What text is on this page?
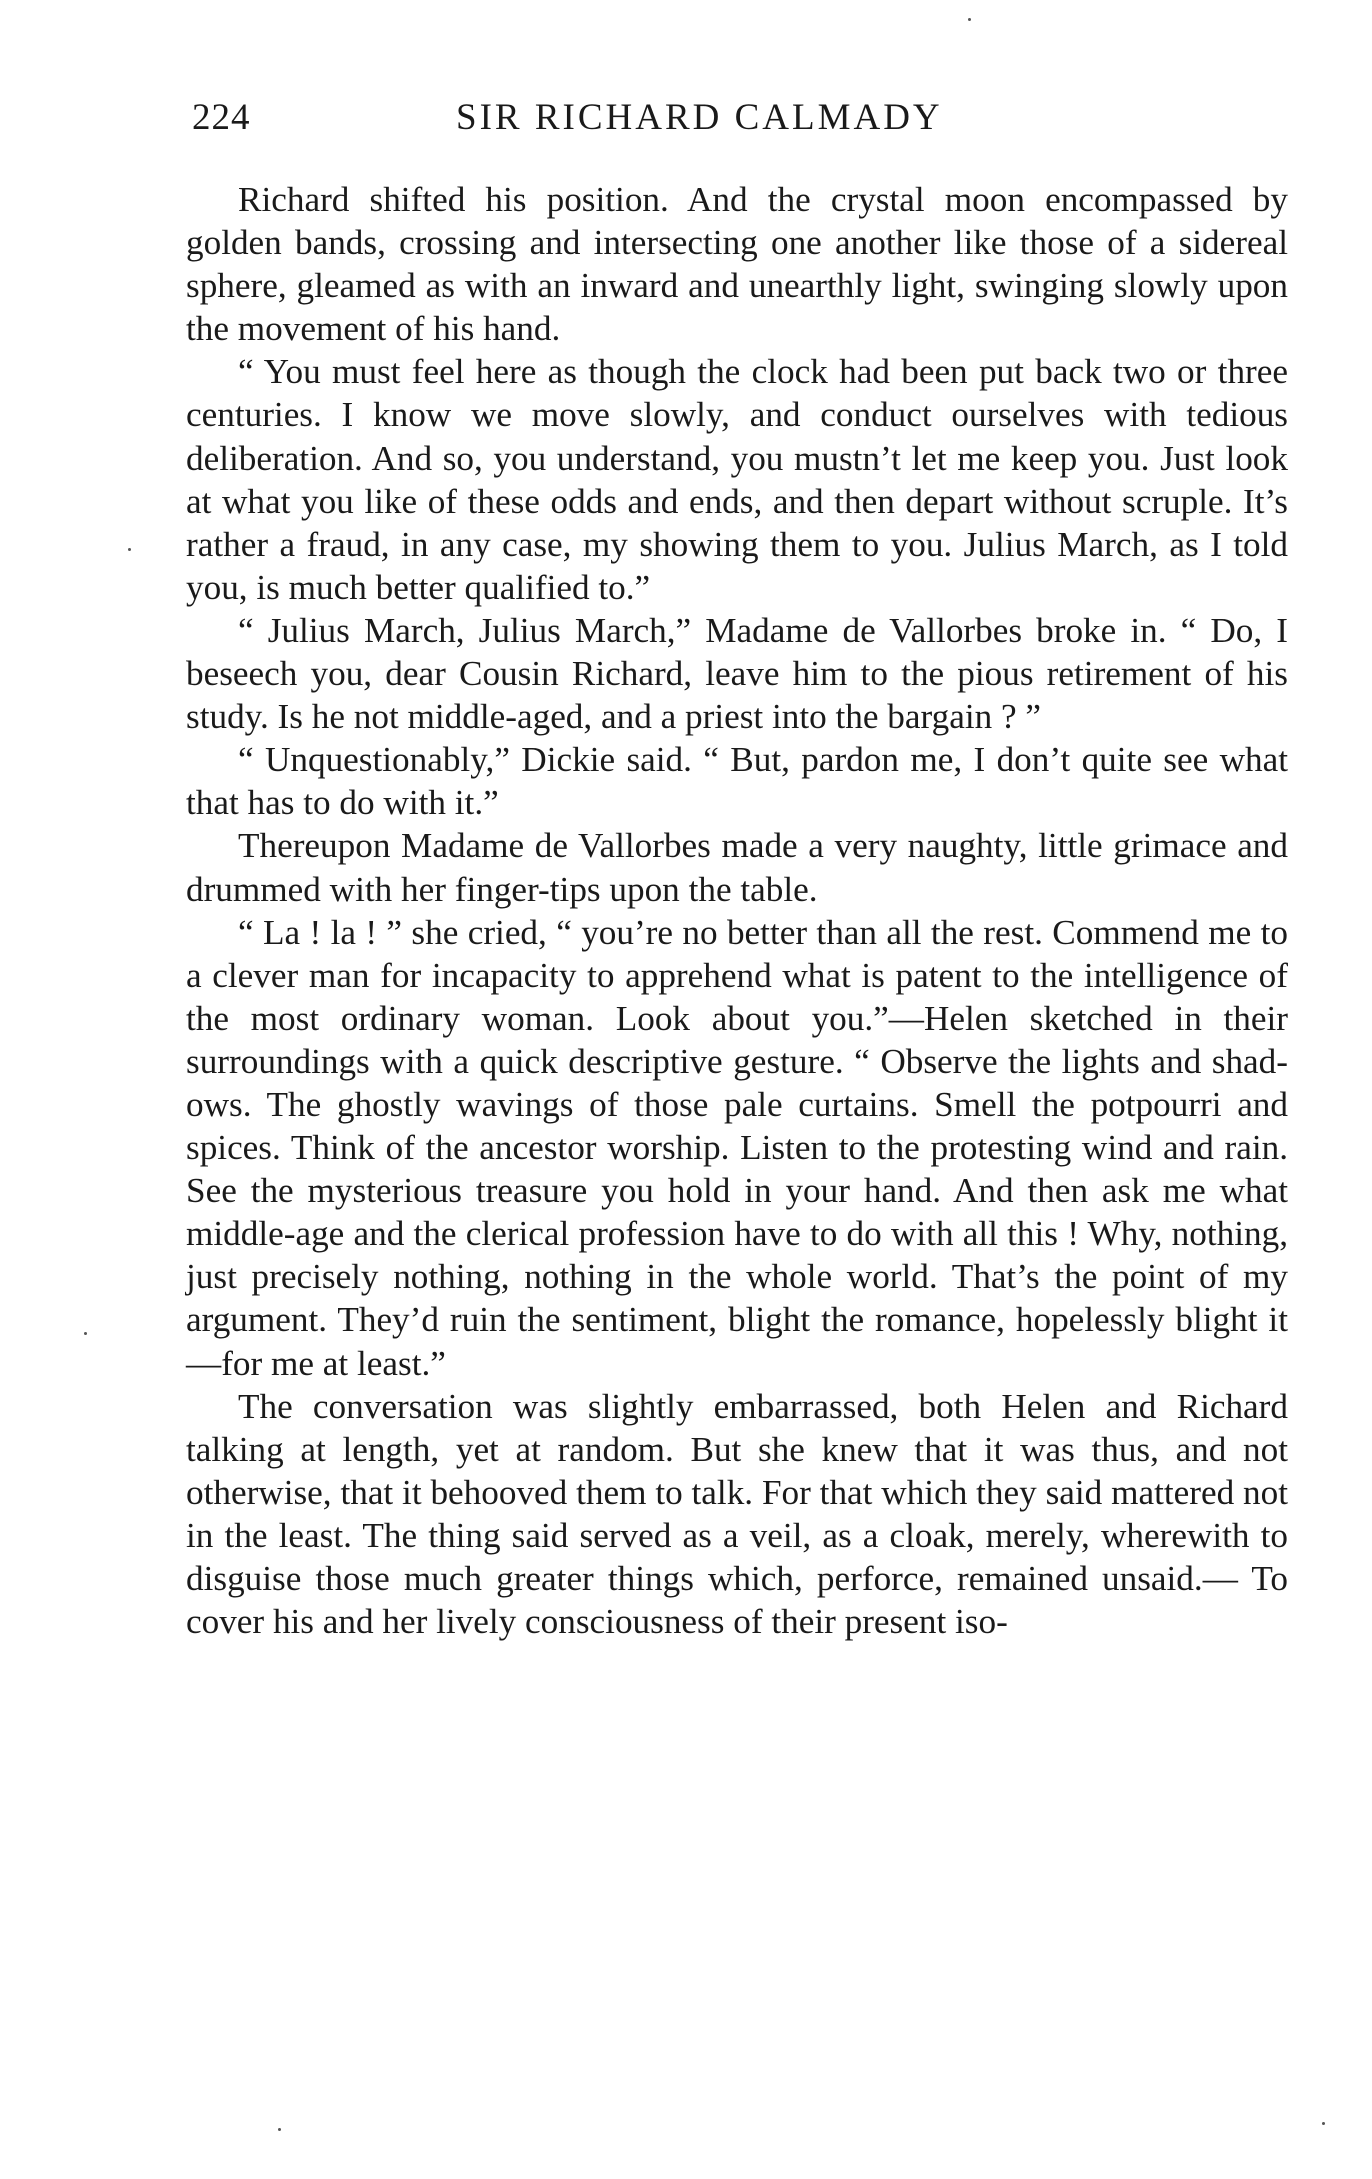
224	SIR RICHARD CALMADY

Richard shifted his position. And the crystal moon encompassed by golden bands, crossing and intersecting one another like those of a sidereal sphere, gleamed as with an inward and unearthly light, swinging slowly upon the movement of his hand.

“ You must feel here as though the clock had been put back two or three centuries. I know we move slowly, and conduct ourselves with tedious deliberation. And so, you understand, you mustn’t let me keep you. Just look at what you like of these odds and ends, and then depart without scruple. It’s rather a fraud, in any case, my showing them to you. Julius March, as I told you, is much better qualified to.”

“ Julius March, Julius March,” Madame de Vallorbes broke in. “ Do, I beseech you, dear Cousin Richard, leave him to the pious retirement of his study. Is he not middle-aged, and a priest into the bargain ? ”

“ Unquestionably,” Dickie said. “ But, pardon me, I don’t quite see what that has to do with it.”

Thereupon Madame de Vallorbes made a very naughty, little grimace and drummed with her finger-tips upon the table.

“ La ! la ! ” she cried, “ you’re no better than all the rest. Commend me to a clever man for incapacity to apprehend what is patent to the intelligence of the most ordinary woman. Look about you.”—Helen sketched in their surroundings with a quick descriptive gesture. “ Observe the lights and shadows. The ghostly wavings of those pale curtains. Smell the potpourri and spices. Think of the ancestor worship. Listen to the protesting wind and rain. See the mysterious treasure you hold in your hand. And then ask me what middle-age and the clerical profession have to do with all this ! Why, nothing, just precisely nothing, nothing in the whole world. That’s the point of my argument. They’d ruin the sentiment, blight the romance, hopelessly blight it—for me at least.”

The conversation was slightly embarrassed, both Helen and Richard talking at length, yet at random. But she knew that it was thus, and not otherwise, that it behooved them to talk. For that which they said mattered not in the least. The thing said served as a veil, as a cloak, merely, wherewith to disguise those much greater things which, perforce, remained unsaid.— To cover his and her lively consciousness of their present iso-
